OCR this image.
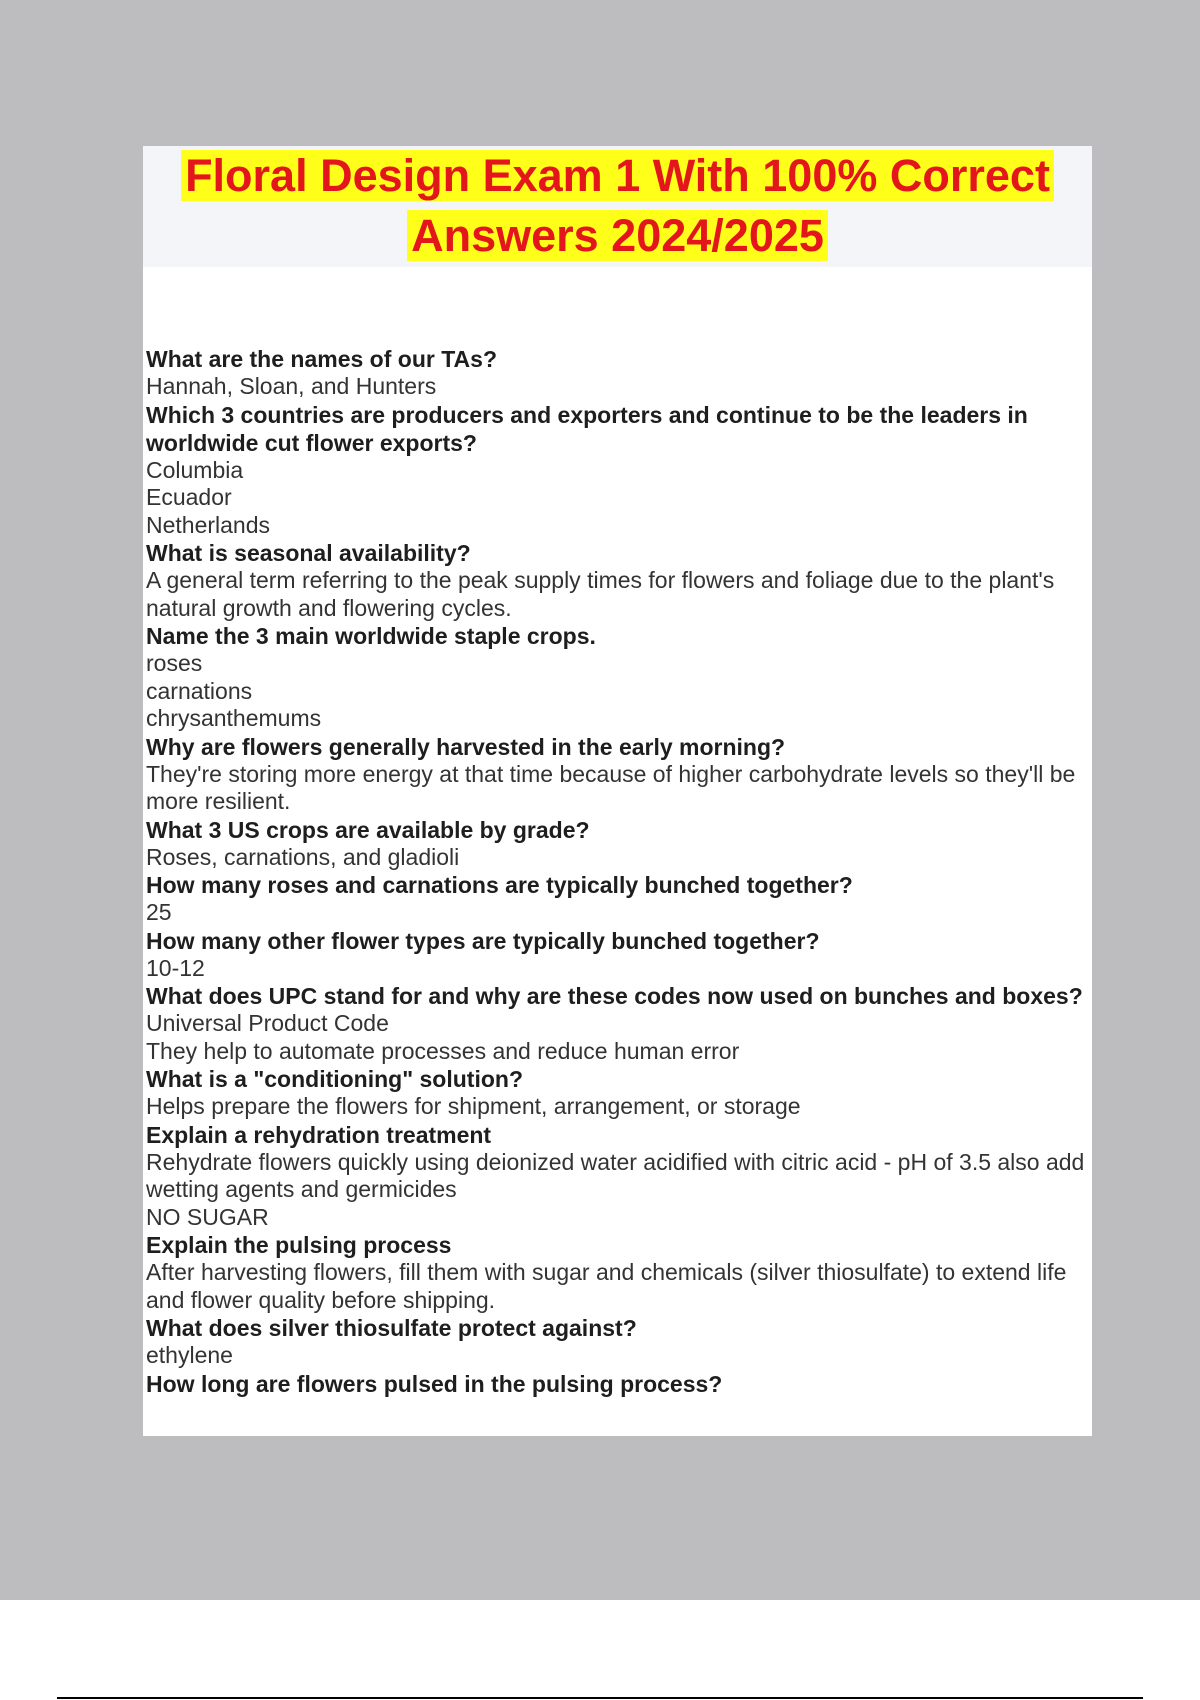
Floral Design Exam 1 With 100% Correct
Answers 2024/2025
What are the names of our TAs?
Hannah, Sloan, and Hunters
Which 3 countries are producers and exporters and continue to be the leaders in worldwide cut flower exports?
Columbia
Ecuador
Netherlands
What is seasonal availability?
A general term referring to the peak supply times for flowers and foliage due to the plant's natural growth and flowering cycles.
Name the 3 main worldwide staple crops.
roses
carnations
chrysanthemums
Why are flowers generally harvested in the early morning?
They're storing more energy at that time because of higher carbohydrate levels so they'll be more resilient.
What 3 US crops are available by grade?
Roses, carnations, and gladioli
How many roses and carnations are typically bunched together?
25
How many other flower types are typically bunched together?
10-12
What does UPC stand for and why are these codes now used on bunches and boxes?
Universal Product Code
They help to automate processes and reduce human error
What is a "conditioning" solution?
Helps prepare the flowers for shipment, arrangement, or storage
Explain a rehydration treatment
Rehydrate flowers quickly using deionized water acidified with citric acid - pH of 3.5 also add wetting agents and germicides
NO SUGAR
Explain the pulsing process
After harvesting flowers, fill them with sugar and chemicals (silver thiosulfate) to extend life and flower quality before shipping.
What does silver thiosulfate protect against?
ethylene
How long are flowers pulsed in the pulsing process?
